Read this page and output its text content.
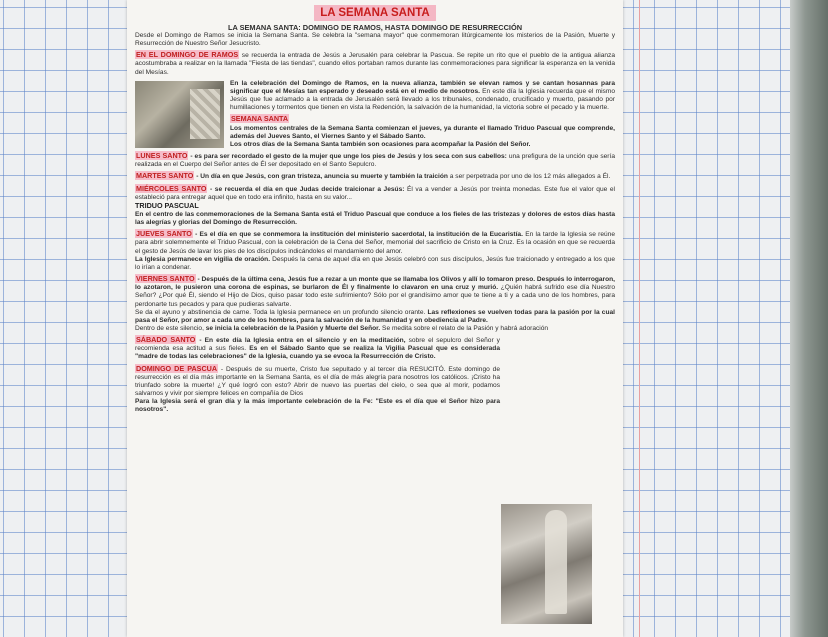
LA SEMANA SANTA
LA SEMANA SANTA: DOMINGO DE RAMOS, HASTA DOMINGO DE RESURRECCIÓN

Desde el Domingo de Ramos se inicia la Semana Santa. Se celebra la "semana mayor" que conmemoran litúrgicamente los misterios de la Pasión, Muerte y Resurrección de Nuestro Señor Jesucristo.

EN EL DOMINGO DE RAMOS se recuerda la entrada de Jesús a Jerusalén para celebrar la Pascua. Se repite un rito que el pueblo de la antigua alianza acostumbraba a realizar en la llamada "Fiesta de las tiendas", cuando ellos portaban ramos durante las conmemoraciones para significar la esperanza en la venida del Mesías.

En la celebración del Domingo de Ramos, en la nueva alianza, también se elevan ramos y se cantan hosannas para significar que el Mesías tan esperado y deseado está en el medio de nosotros. En este día la Iglesia recuerda que el mismo Jesús que fue aclamado a la entrada de Jerusalén será llevado a los tribunales, condenado, crucificado y muerto, pasando por humillaciones y tormentos que tienen en vista la Redención, la salvación de la humanidad, la victoria sobre el pecado y la muerte.

SEMANA SANTA
Los momentos centrales de la Semana Santa comienzan el jueves, ya durante el llamado Triduo Pascual que comprende, además del Jueves Santo, el Viernes Santo y el Sábado Santo.
Los otros días de la Semana Santa también son ocasiones para acompañar la Pasión del Señor.

LUNES SANTO - es para ser recordado el gesto de la mujer que unge los pies de Jesús y los seca con sus cabellos: una prefigura de la unción que sería realizada en el Cuerpo del Señor antes de Él ser depositado en el Santo Sepulcro.

MARTES SANTO - Un día en que Jesús, con gran tristeza, anuncia su muerte y también la traición a ser perpetrada por uno de los 12 más allegados a Él.

MIÉRCOLES SANTO - se recuerda el día en que Judas decide traicionar a Jesús: Él va a vender a Jesús por treinta monedas. Este fue el valor que el estableció para entregar aquel que en todo era infinito, hasta en su valor...
TRIDUO PASCUAL
En el centro de las conmemoraciones de la Semana Santa está el Triduo Pascual que conduce a los fieles de las tristezas y dolores de estos días hasta las alegrías y glorias del Domingo de Resurrección.

JUEVES SANTO - Es el día en que se conmemora la institución del ministerio sacerdotal, la institución de la Eucaristía. En la tarde la Iglesia se reúne para abrir solemnemente el Triduo Pascual, con la celebración de la Cena del Señor, memorial del sacrificio de Cristo en la Cruz. Es la ocasión en que se recuerda el gesto de Jesús de lavar los pies de los discípulos indicándoles el mandamiento del amor.
La Iglesia permanece en vigilia de oración. Después la cena de aquel día en que Jesús celebró con sus discípulos, Jesús fue traicionado y entregado a los que lo irían a condenar.

VIERNES SANTO - Después de la última cena, Jesús fue a rezar a un monte que se llamaba los Olivos y allí lo tomaron preso. Después lo interrogaron, lo azotaron, le pusieron una corona de espinas, se burlaron de Él y finalmente lo clavaron en una cruz y murió. ¿Quién habrá sufrido ese día Nuestro Señor? ¿Por qué Él, siendo el Hijo de Dios, quiso pasar todo este sufrimiento? Sólo por el grandísimo amor que te tiene a ti y a cada uno de los hombres, para perdonarte tus pecados y para que pudieras salvarte.
Se da el ayuno y abstinencia de carne. Toda la Iglesia permanece en un profundo silencio orante. Las reflexiones se vuelven todas para la pasión por la cual pasa el Señor, por amor a cada uno de los hombres, para la salvación de la humanidad y en obediencia al Padre.
Dentro de este silencio, se inicia la celebración de la Pasión y Muerte del Señor. Se medita sobre el relato de la Pasión y habrá adoración

SÁBADO SANTO - En este día la Iglesia entra en el silencio y en la meditación, sobre el sepulcro del Señor y recomienda esa actitud a sus fieles. Es en el Sábado Santo que se realiza la Vigilia Pascual que es considerada "madre de todas las celebraciones" de la Iglesia, cuando ya se evoca la Resurrección de Cristo.

DOMINGO DE PASCUA - Después de su muerte, Cristo fue sepultado y al tercer día RESUCITÓ. Este domingo de resurrección es el día más importante en la Semana Santa, es el día de más alegría para nosotros los católicos. ¡Cristo ha triunfado sobre la muerte! ¿Y qué logró con esto? Abrir de nuevo las puertas del cielo, o sea que al morir, podamos salvarnos y vivir por siempre felices en compañía de Dios
Para la Iglesia será el gran día y la más importante celebración de la Fe: "Este es el día que el Señor hizo para nosotros".
